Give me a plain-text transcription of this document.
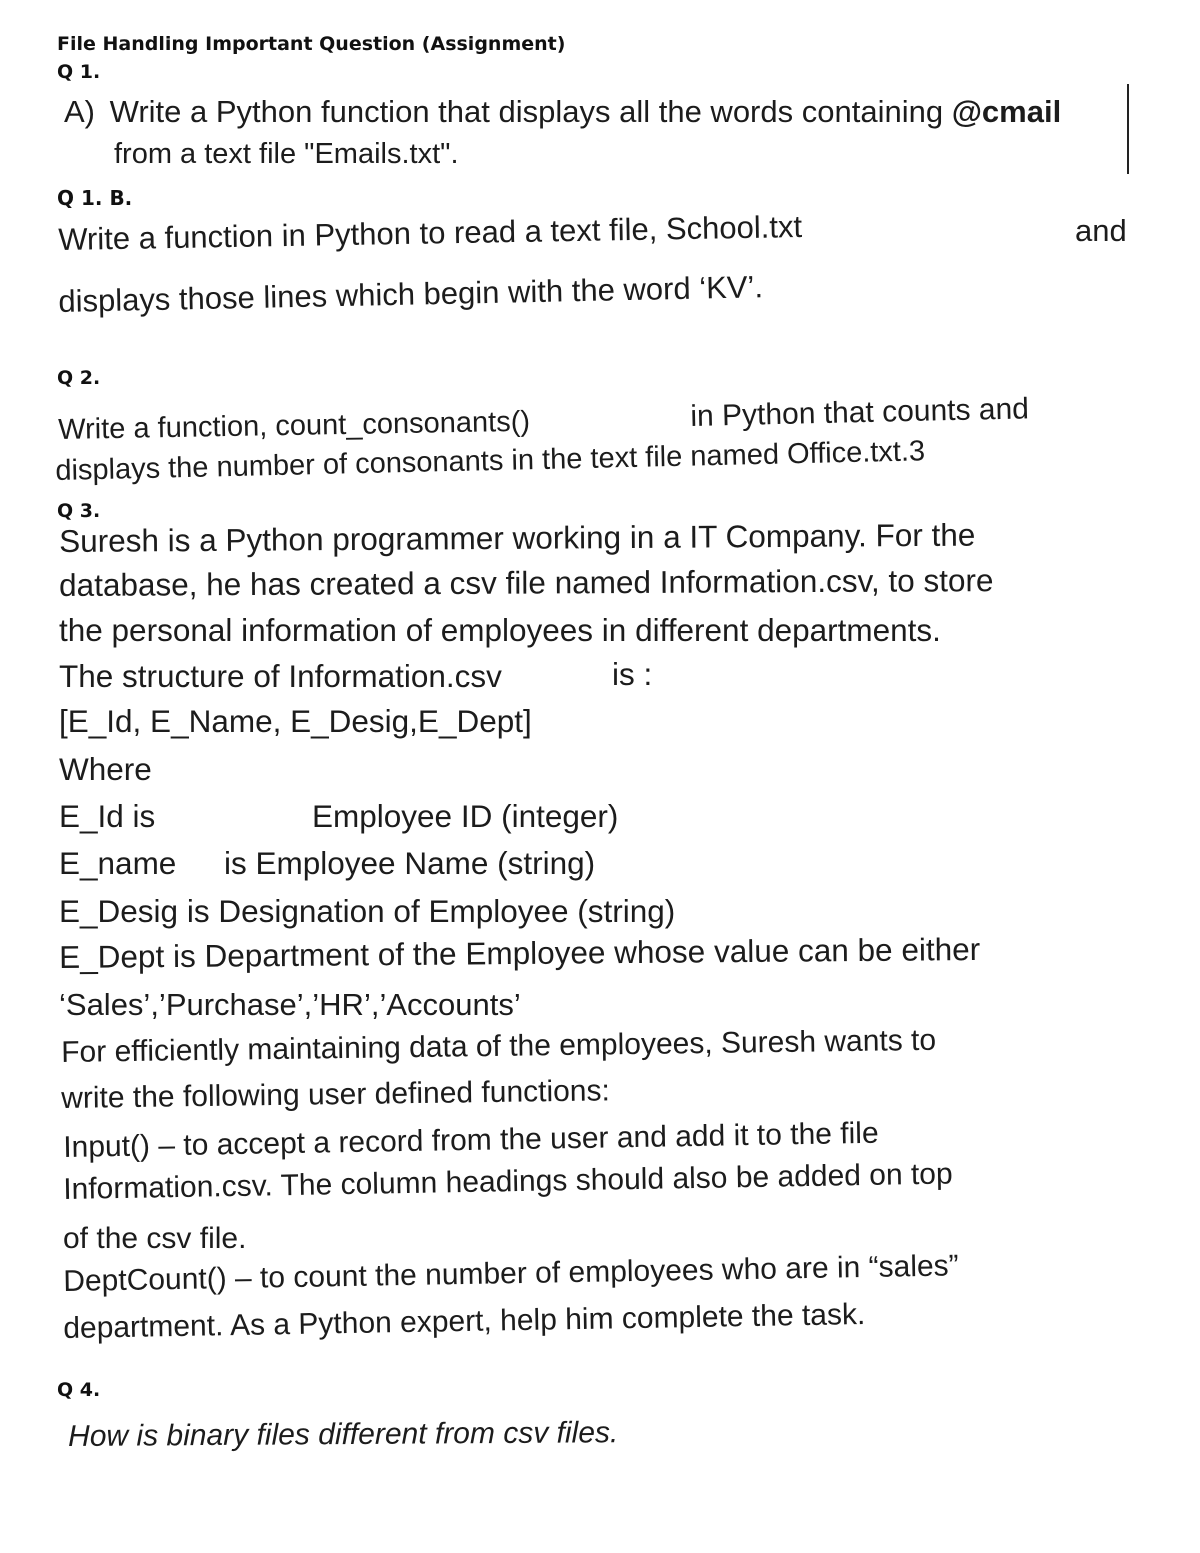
File Handling Important Question (Assignment)
Q 1.
A) Write a Python function that displays all the words containing @cmail
from a text file "Emails.txt".
Q 1. B.
and
Write a function in Python to read a text file, School.txt
displays those lines which begin with the word ‘KV’.
Q 2.
Write a function, count_consonants()	in Python that counts and
displays the number of consonants in the text file named Office.txt.3
Q 3.
Suresh is a Python programmer working in a IT Company. For the
database, he has created a csv file named Information.csv, to store
the personal information of employees in different departments.
The structure of Information.csv	is :
[E_Id, E_Name, E_Desig,E_Dept]
Where
E_Id is	Employee ID (integer)
E_name is Employee Name (string)
E_Desig is Designation of Employee (string)
E_Dept is Department of the Employee whose value can be either
‘Sales’,’Purchase’,’HR’,’Accounts’
For efficiently maintaining data of the employees, Suresh wants to
write the following user defined functions:
Input() – to accept a record from the user and add it to the file
Information.csv. The column headings should also be added on top
of the csv file.
DeptCount() – to count the number of employees who are in “sales”
department. As a Python expert, help him complete the task.
Q 4.
How is binary files different from csv files.
